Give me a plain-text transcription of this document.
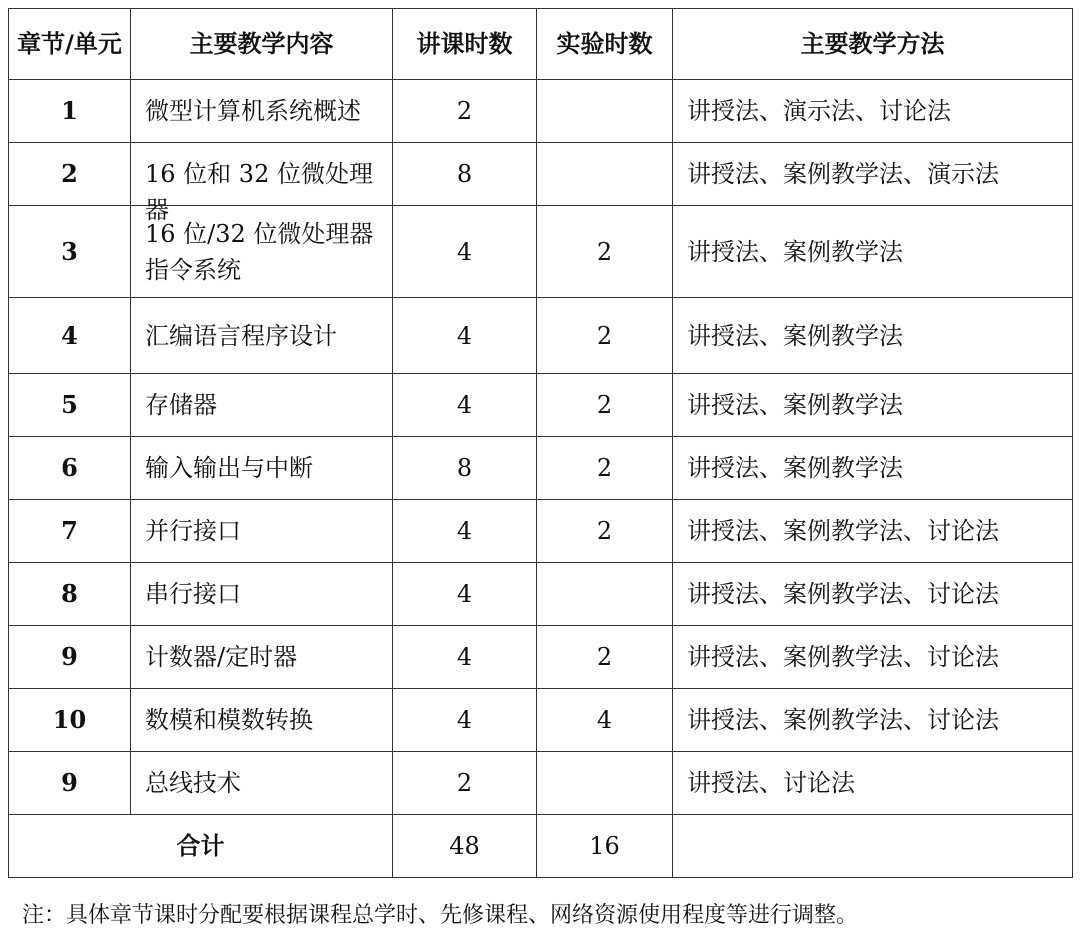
章节/单元	主要教学内容	讲课时数	实验时数	主要教学方法
1	微型计算机系统概述	2		讲授法、演示法、讨论法
2	16 位和 32 位微处理器	8		讲授法、案例教学法、演示法
3	16 位/32 位微处理器指令系统	4	2	讲授法、案例教学法
4	汇编语言程序设计	4	2	讲授法、案例教学法
5	存储器	4	2	讲授法、案例教学法
6	输入输出与中断	8	2	讲授法、案例教学法
7	并行接口	4	2	讲授法、案例教学法、讨论法
8	串行接口	4		讲授法、案例教学法、讨论法
9	计数器/定时器	4	2	讲授法、案例教学法、讨论法
10	数模和模数转换	4	4	讲授法、案例教学法、讨论法
9	总线技术	2		讲授法、讨论法
合计		48	16	
注：具体章节课时分配要根据课程总学时、先修课程、网络资源使用程度等进行调整。
